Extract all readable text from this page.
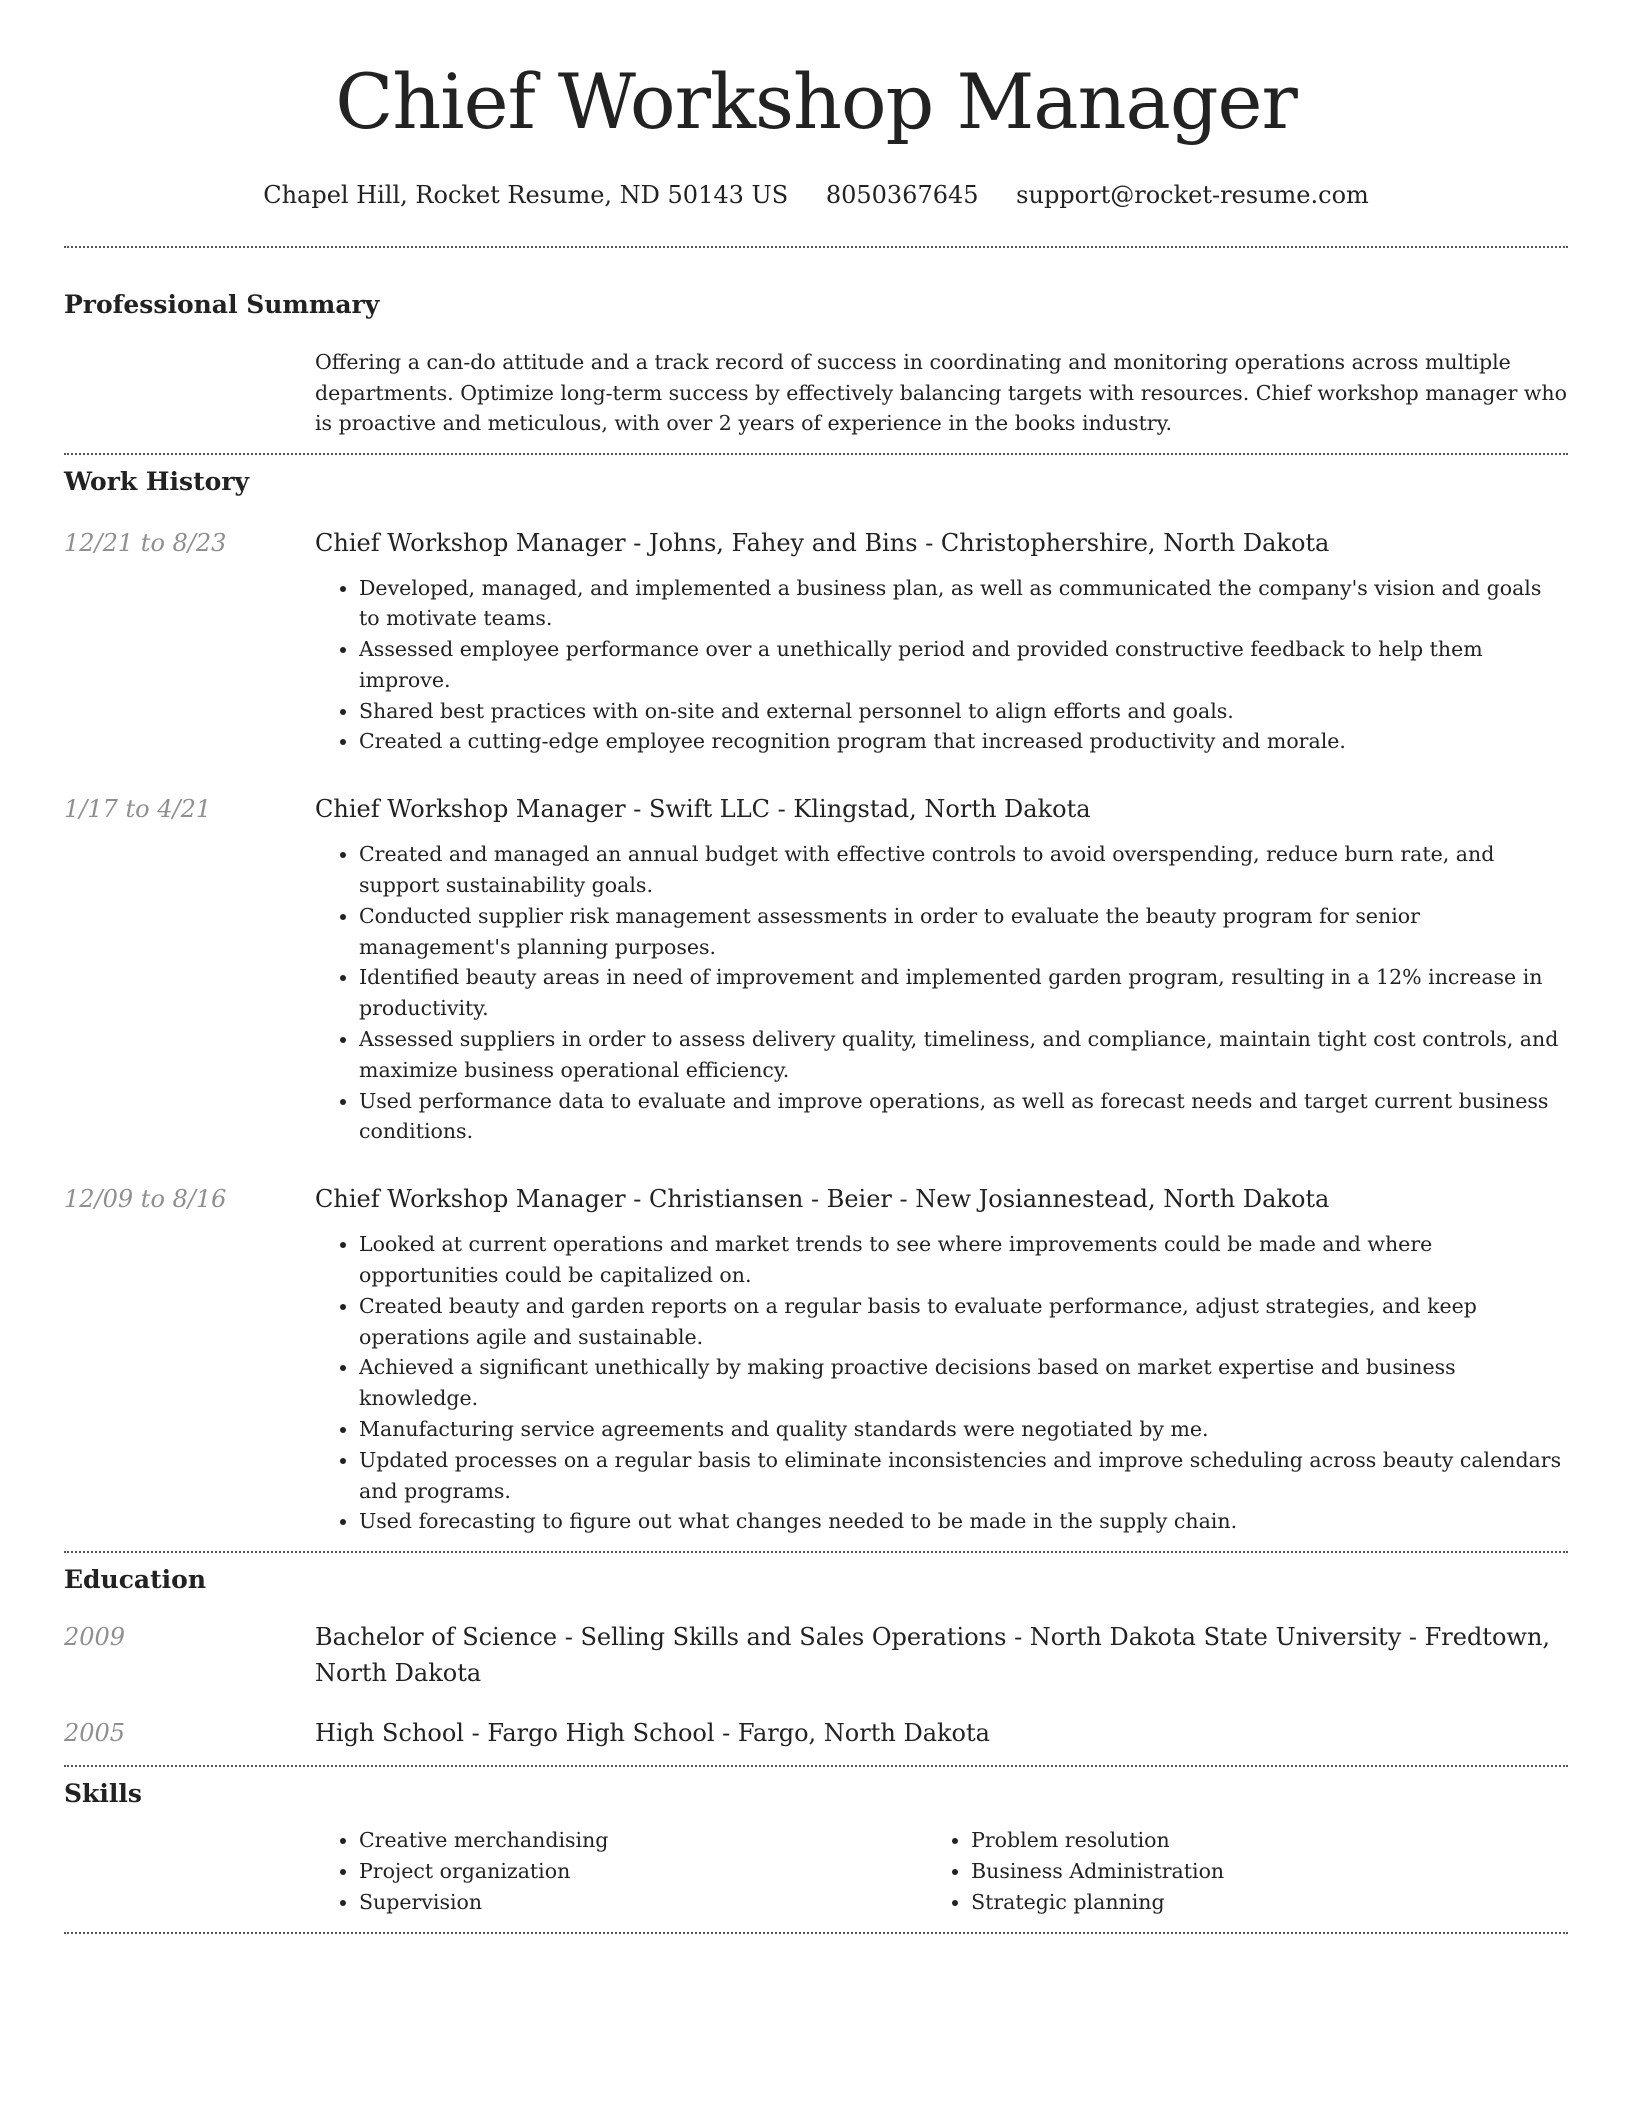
Chief Workshop Manager
Chapel Hill, Rocket Resume, ND 50143 US 8050367645 support@rocket-resume.com
Professional Summary
Offering a can-do attitude and a track record of success in coordinating and monitoring operations across multiple departments. Optimize long-term success by effectively balancing targets with resources. Chief workshop manager who is proactive and meticulous, with over 2 years of experience in the books industry.
Work History
12/21 to 8/23	Chief Workshop Manager - Johns, Fahey and Bins - Christophershire, North Dakota
• Developed, managed, and implemented a business plan, as well as communicated the company's vision and goals to motivate teams.
• Assessed employee performance over a unethically period and provided constructive feedback to help them improve.
• Shared best practices with on-site and external personnel to align efforts and goals.
• Created a cutting-edge employee recognition program that increased productivity and morale.
1/17 to 4/21	Chief Workshop Manager - Swift LLC - Klingstad, North Dakota
• Created and managed an annual budget with effective controls to avoid overspending, reduce burn rate, and support sustainability goals.
• Conducted supplier risk management assessments in order to evaluate the beauty program for senior management's planning purposes.
• Identified beauty areas in need of improvement and implemented garden program, resulting in a 12% increase in productivity.
• Assessed suppliers in order to assess delivery quality, timeliness, and compliance, maintain tight cost controls, and maximize business operational efficiency.
• Used performance data to evaluate and improve operations, as well as forecast needs and target current business conditions.
12/09 to 8/16	Chief Workshop Manager - Christiansen - Beier - New Josiannestead, North Dakota
• Looked at current operations and market trends to see where improvements could be made and where opportunities could be capitalized on.
• Created beauty and garden reports on a regular basis to evaluate performance, adjust strategies, and keep operations agile and sustainable.
• Achieved a significant unethically by making proactive decisions based on market expertise and business knowledge.
• Manufacturing service agreements and quality standards were negotiated by me.
• Updated processes on a regular basis to eliminate inconsistencies and improve scheduling across beauty calendars and programs.
• Used forecasting to figure out what changes needed to be made in the supply chain.
Education
2009	Bachelor of Science - Selling Skills and Sales Operations - North Dakota State University - Fredtown, North Dakota
2005	High School - Fargo High School - Fargo, North Dakota
Skills
• Creative merchandising
• Project organization
• Supervision
• Problem resolution
• Business Administration
• Strategic planning
